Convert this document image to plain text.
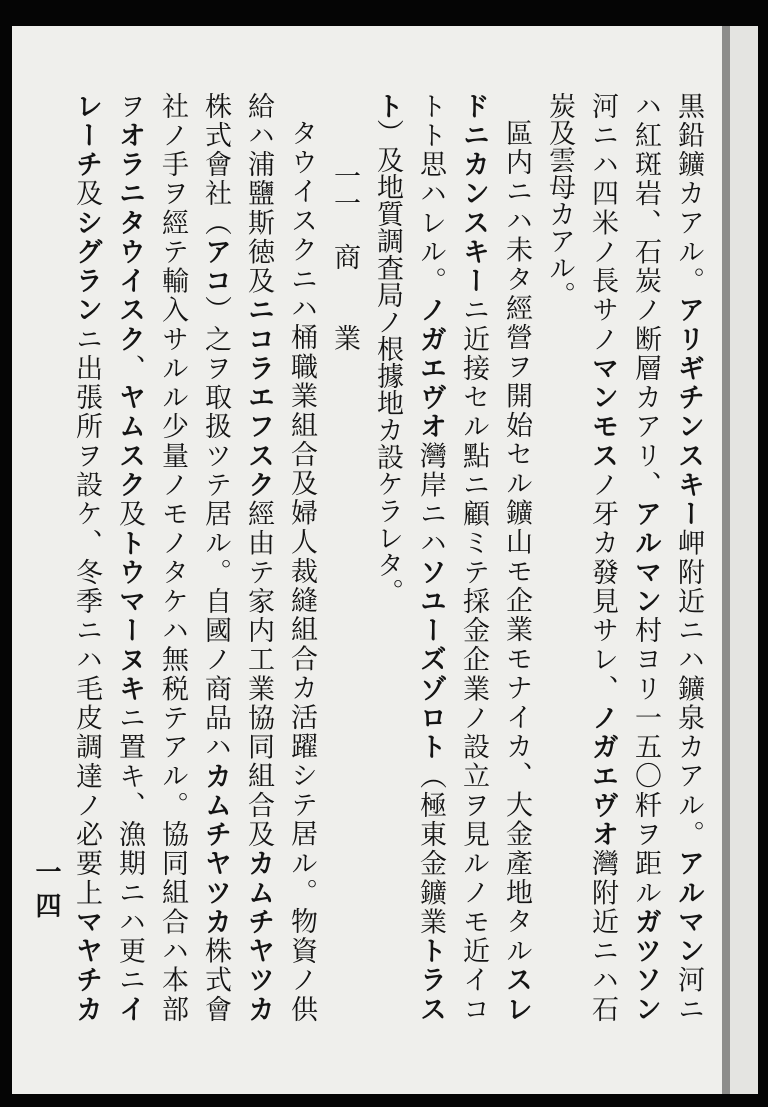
黒鉛鑛カアル。アリギチンスキー岬附近ニハ鑛泉カアル。アルマン河ニ

ハ紅斑岩、石炭ノ断層カアリ、アルマン村ヨリ一五〇粁ヲ距ルガツソン

河ニハ四米ノ長サノマンモスノ牙カ發見サレ、ノガエヴオ灣附近ニハ石

炭及雲母カアル。

區内ニハ未タ經營ヲ開始セル鑛山モ企業モナイカ、大金產地タルスレ

ドニカンスキーニ近接セル點ニ顧ミテ採金企業ノ設立ヲ見ルノモ近イコ

トト思ハレル。ノガエヴオ灣岸ニハソユーズゾロト（極東金鑛業トラス

ト）及地質調査局ノ根據地カ設ケラレタ。

一一　商　　業

タウイスクニハ桶職業組合及婦人裁縫組合カ活躍シテ居ル。物資ノ供

給ハ浦鹽斯徳及ニコラエフスク經由テ家内工業協同組合及カムチヤツカ

株式會社（アコ）之ヲ取扱ツテ居ル。自國ノ商品ハカムチヤツカ株式會

社ノ手ヲ經テ輸入サルル少量ノモノタケハ無税テアル。協同組合ハ本部

ヲオラニタウイスク、ヤムスク及トウマーヌキニ置キ、漁期ニハ更ニイ

レーチ及シグランニ出張所ヲ設ケ、冬季ニハ毛皮調達ノ必要上マヤチカ

一四
